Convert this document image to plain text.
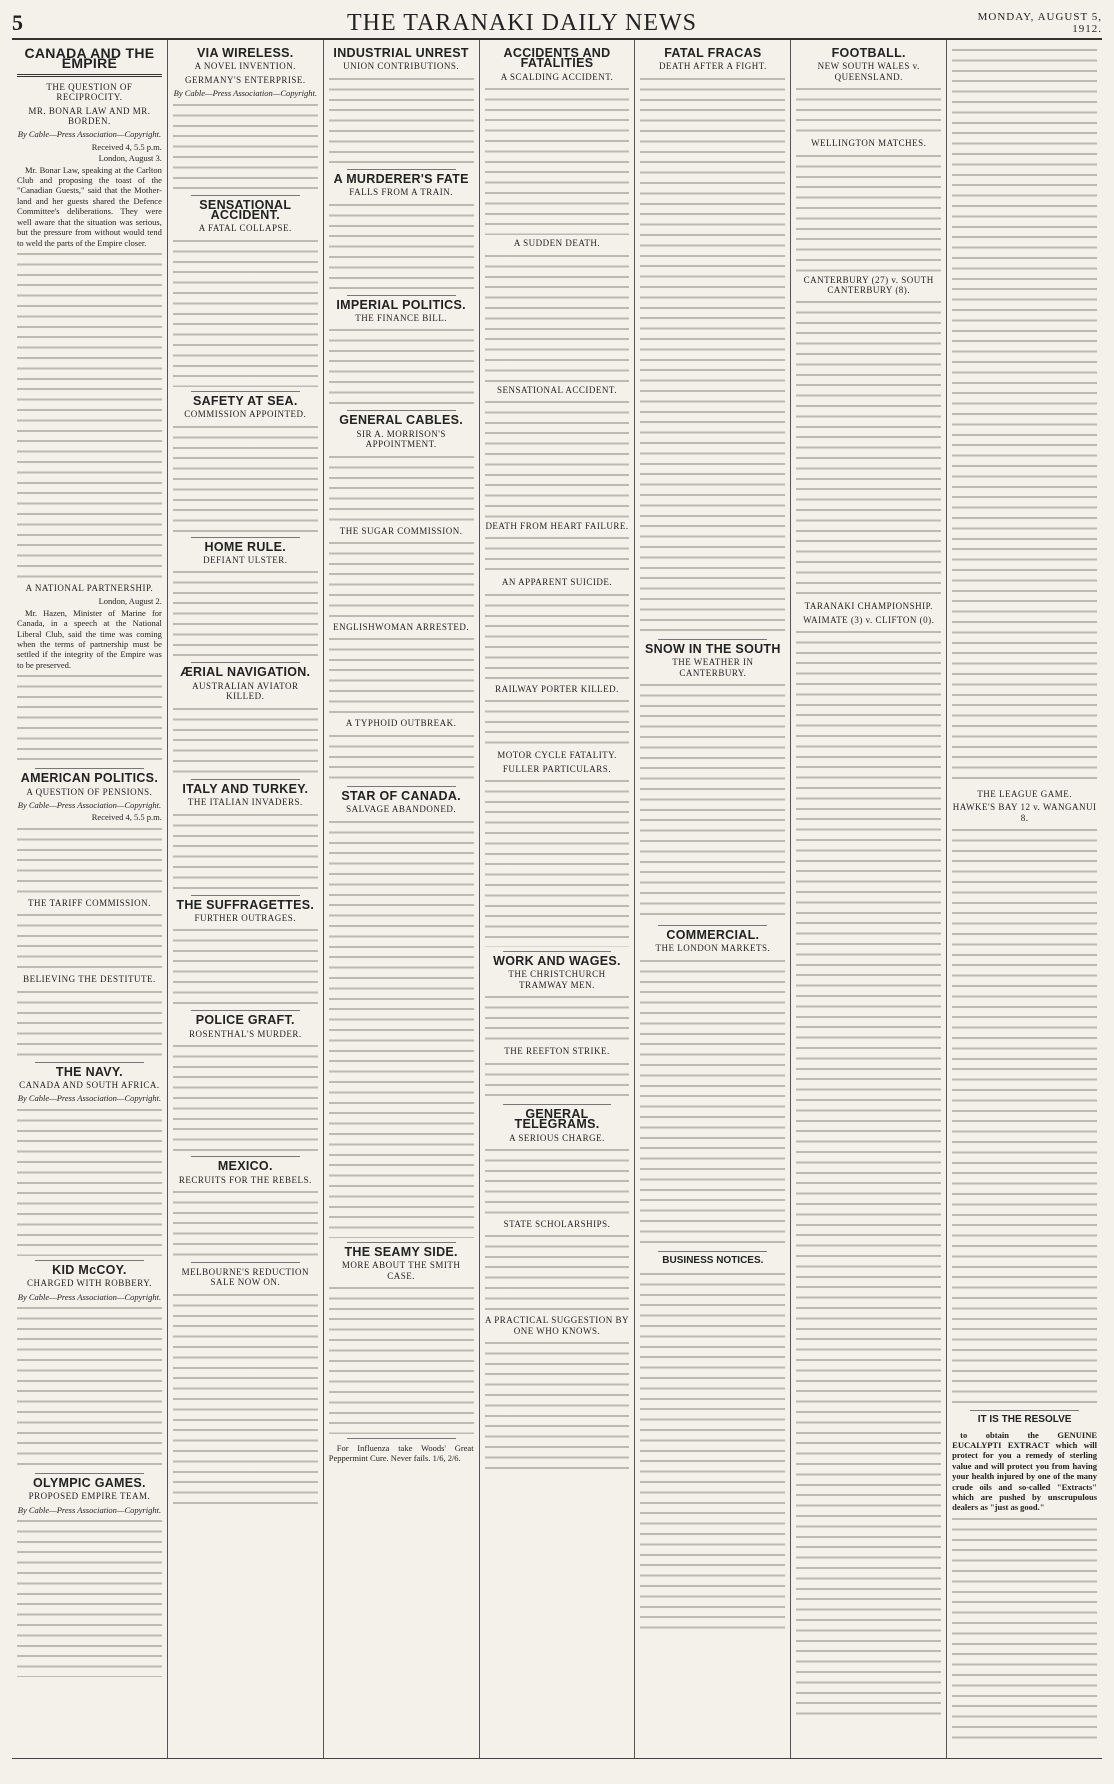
5	THE TARANAKI DAILY NEWS	MONDAY, AUGUST 5, 1912.
CANADA AND THE EMPIRE
THE QUESTION OF RECIPROCITY.
MR. BONAR LAW AND MR. BORDEN.
By Cable—Press Association—Copyright.
Received 4, 5.5 p.m.
London, August 3.

Mr. Bonar Law, speaking at the Carlton Club and proposing the toast of the "Canadian Guests," said that the Mother-land and her guests shared the Defence Committee's deliberations. They were well aware that the situation was serious, but the pressure from without would tend to weld the parts of the Empire closer.

A NATIONAL PARTNERSHIP.
London, August 2.

Mr. Hazen, Minister of Marine for Canada, in a speech at the National Liberal Club, said the time was coming when the terms of partnership must be settled if the integrity of the Empire was to be preserved.

AMERICAN POLITICS.
A QUESTION OF PENSIONS.
By Cable—Press Association—Copyright.
Received 4, 5.5 p.m.
THE TARIFF COMMISSION.
BELIEVING THE DESTITUTE.
THE NAVY.
CANADA AND SOUTH AFRICA.
By Cable—Press Association—Copyright.
KID McCOY.
CHARGED WITH ROBBERY.
By Cable—Press Association—Copyright.
OLYMPIC GAMES.
PROPOSED EMPIRE TEAM.
By Cable—Press Association—Copyright.
VIA WIRELESS.
A NOVEL INVENTION.
GERMANY'S ENTERPRISE.
By Cable—Press Association—Copyright.
SENSATIONAL ACCIDENT.
A FATAL COLLAPSE.
SAFETY AT SEA.
COMMISSION APPOINTED.
HOME RULE.
DEFIANT ULSTER.
ÆRIAL NAVIGATION.
AUSTRALIAN AVIATOR KILLED.
ITALY AND TURKEY.
THE ITALIAN INVADERS.
THE SUFFRAGETTES.
FURTHER OUTRAGES.
POLICE GRAFT.
ROSENTHAL'S MURDER.
MEXICO.
RECRUITS FOR THE REBELS.
MELBOURNE'S REDUCTION SALE NOW ON.
INDUSTRIAL UNREST
UNION CONTRIBUTIONS.
A MURDERER'S FATE
FALLS FROM A TRAIN.
IMPERIAL POLITICS.
THE FINANCE BILL.
GENERAL CABLES.
SIR A. MORRISON'S APPOINTMENT.
THE SUGAR COMMISSION.
ENGLISHWOMAN ARRESTED.
A TYPHOID OUTBREAK.
STAR OF CANADA.
SALVAGE ABANDONED.
THE SEAMY SIDE.
MORE ABOUT THE SMITH CASE.

For Influenza take Woods' Great Peppermint Cure. Never fails. 1/6, 2/6.

ACCIDENTS AND FATALITIES
A SCALDING ACCIDENT.
A SUDDEN DEATH.
SENSATIONAL ACCIDENT.
DEATH FROM HEART FAILURE.
AN APPARENT SUICIDE.
RAILWAY PORTER KILLED.
MOTOR CYCLE FATALITY.
FULLER PARTICULARS.
WORK AND WAGES.
THE CHRISTCHURCH TRAMWAY MEN.
THE REEFTON STRIKE.
GENERAL TELEGRAMS.
A SERIOUS CHARGE.
STATE SCHOLARSHIPS.
A PRACTICAL SUGGESTION BY ONE WHO KNOWS.
FATAL FRACAS
DEATH AFTER A FIGHT.
SNOW IN THE SOUTH
THE WEATHER IN CANTERBURY.
COMMERCIAL.
THE LONDON MARKETS.
BUSINESS NOTICES.
FOOTBALL.
NEW SOUTH WALES v. QUEENSLAND.
WELLINGTON MATCHES.
CANTERBURY (27) v. SOUTH CANTERBURY (8).
TARANAKI CHAMPIONSHIP.
WAIMATE (3) v. CLIFTON (0).
THE LEAGUE GAME.
HAWKE'S BAY 12 v. WANGANUI 8.
IT IS THE RESOLVE

to obtain the GENUINE EUCALYPTI EXTRACT which will protect for you a remedy of sterling value and will protect you from having your health injured by one of the many crude oils and so-called "Extracts" which are pushed by unscrupulous dealers as "just as good."
